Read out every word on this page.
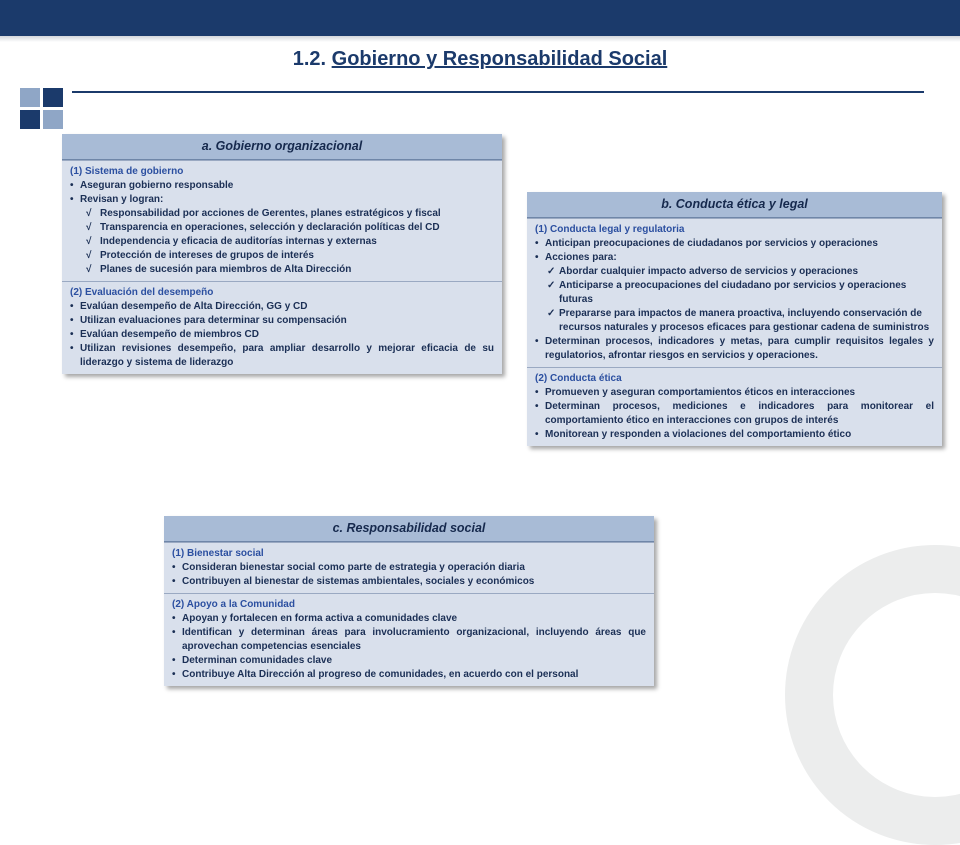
1.2. Gobierno y Responsabilidad Social
a. Gobierno organizacional
(1) Sistema de gobierno
• Aseguran gobierno responsable
• Revisan y logran:
√ Responsabilidad por acciones de Gerentes, planes estratégicos y fiscal
√ Transparencia en operaciones, selección y declaración políticas del CD
√ Independencia y eficacia de auditorías internas y externas
√ Protección de intereses de grupos de interés
√ Planes de sucesión para miembros de Alta Dirección
(2) Evaluación del desempeño
• Evalúan desempeño de Alta Dirección, GG y CD
• Utilizan evaluaciones para determinar su compensación
• Evalúan desempeño de miembros CD
• Utilizan revisiones desempeño, para ampliar desarrollo y mejorar eficacia de su liderazgo y sistema de liderazgo
b. Conducta ética y legal
(1) Conducta legal y regulatoria
• Anticipan preocupaciones de ciudadanos por servicios y operaciones
• Acciones para:
✓ Abordar cualquier impacto adverso de servicios y operaciones
✓ Anticiparse a preocupaciones del ciudadano por servicios y operaciones futuras
✓ Prepararse para impactos de manera proactiva, incluyendo conservación de recursos naturales y procesos eficaces para gestionar cadena de suministros
• Determinan procesos, indicadores y metas, para cumplir requisitos legales y regulatorios, afrontar riesgos en servicios y operaciones.
(2) Conducta ética
• Promueven y aseguran comportamientos éticos en interacciones
• Determinan procesos, mediciones e indicadores para monitorear el comportamiento ético en interacciones con grupos de interés
• Monitorean y responden a violaciones del comportamiento ético
c. Responsabilidad social
(1) Bienestar social
• Consideran bienestar social como parte de estrategia y operación diaria
• Contribuyen al bienestar de sistemas ambientales, sociales y económicos
(2) Apoyo a la Comunidad
• Apoyan y fortalecen en forma activa a comunidades clave
• Identifican y determinan áreas para involucramiento organizacional, incluyendo áreas que aprovechan competencias esenciales
• Determinan comunidades clave
• Contribuye Alta Dirección al progreso de comunidades, en acuerdo con el personal
